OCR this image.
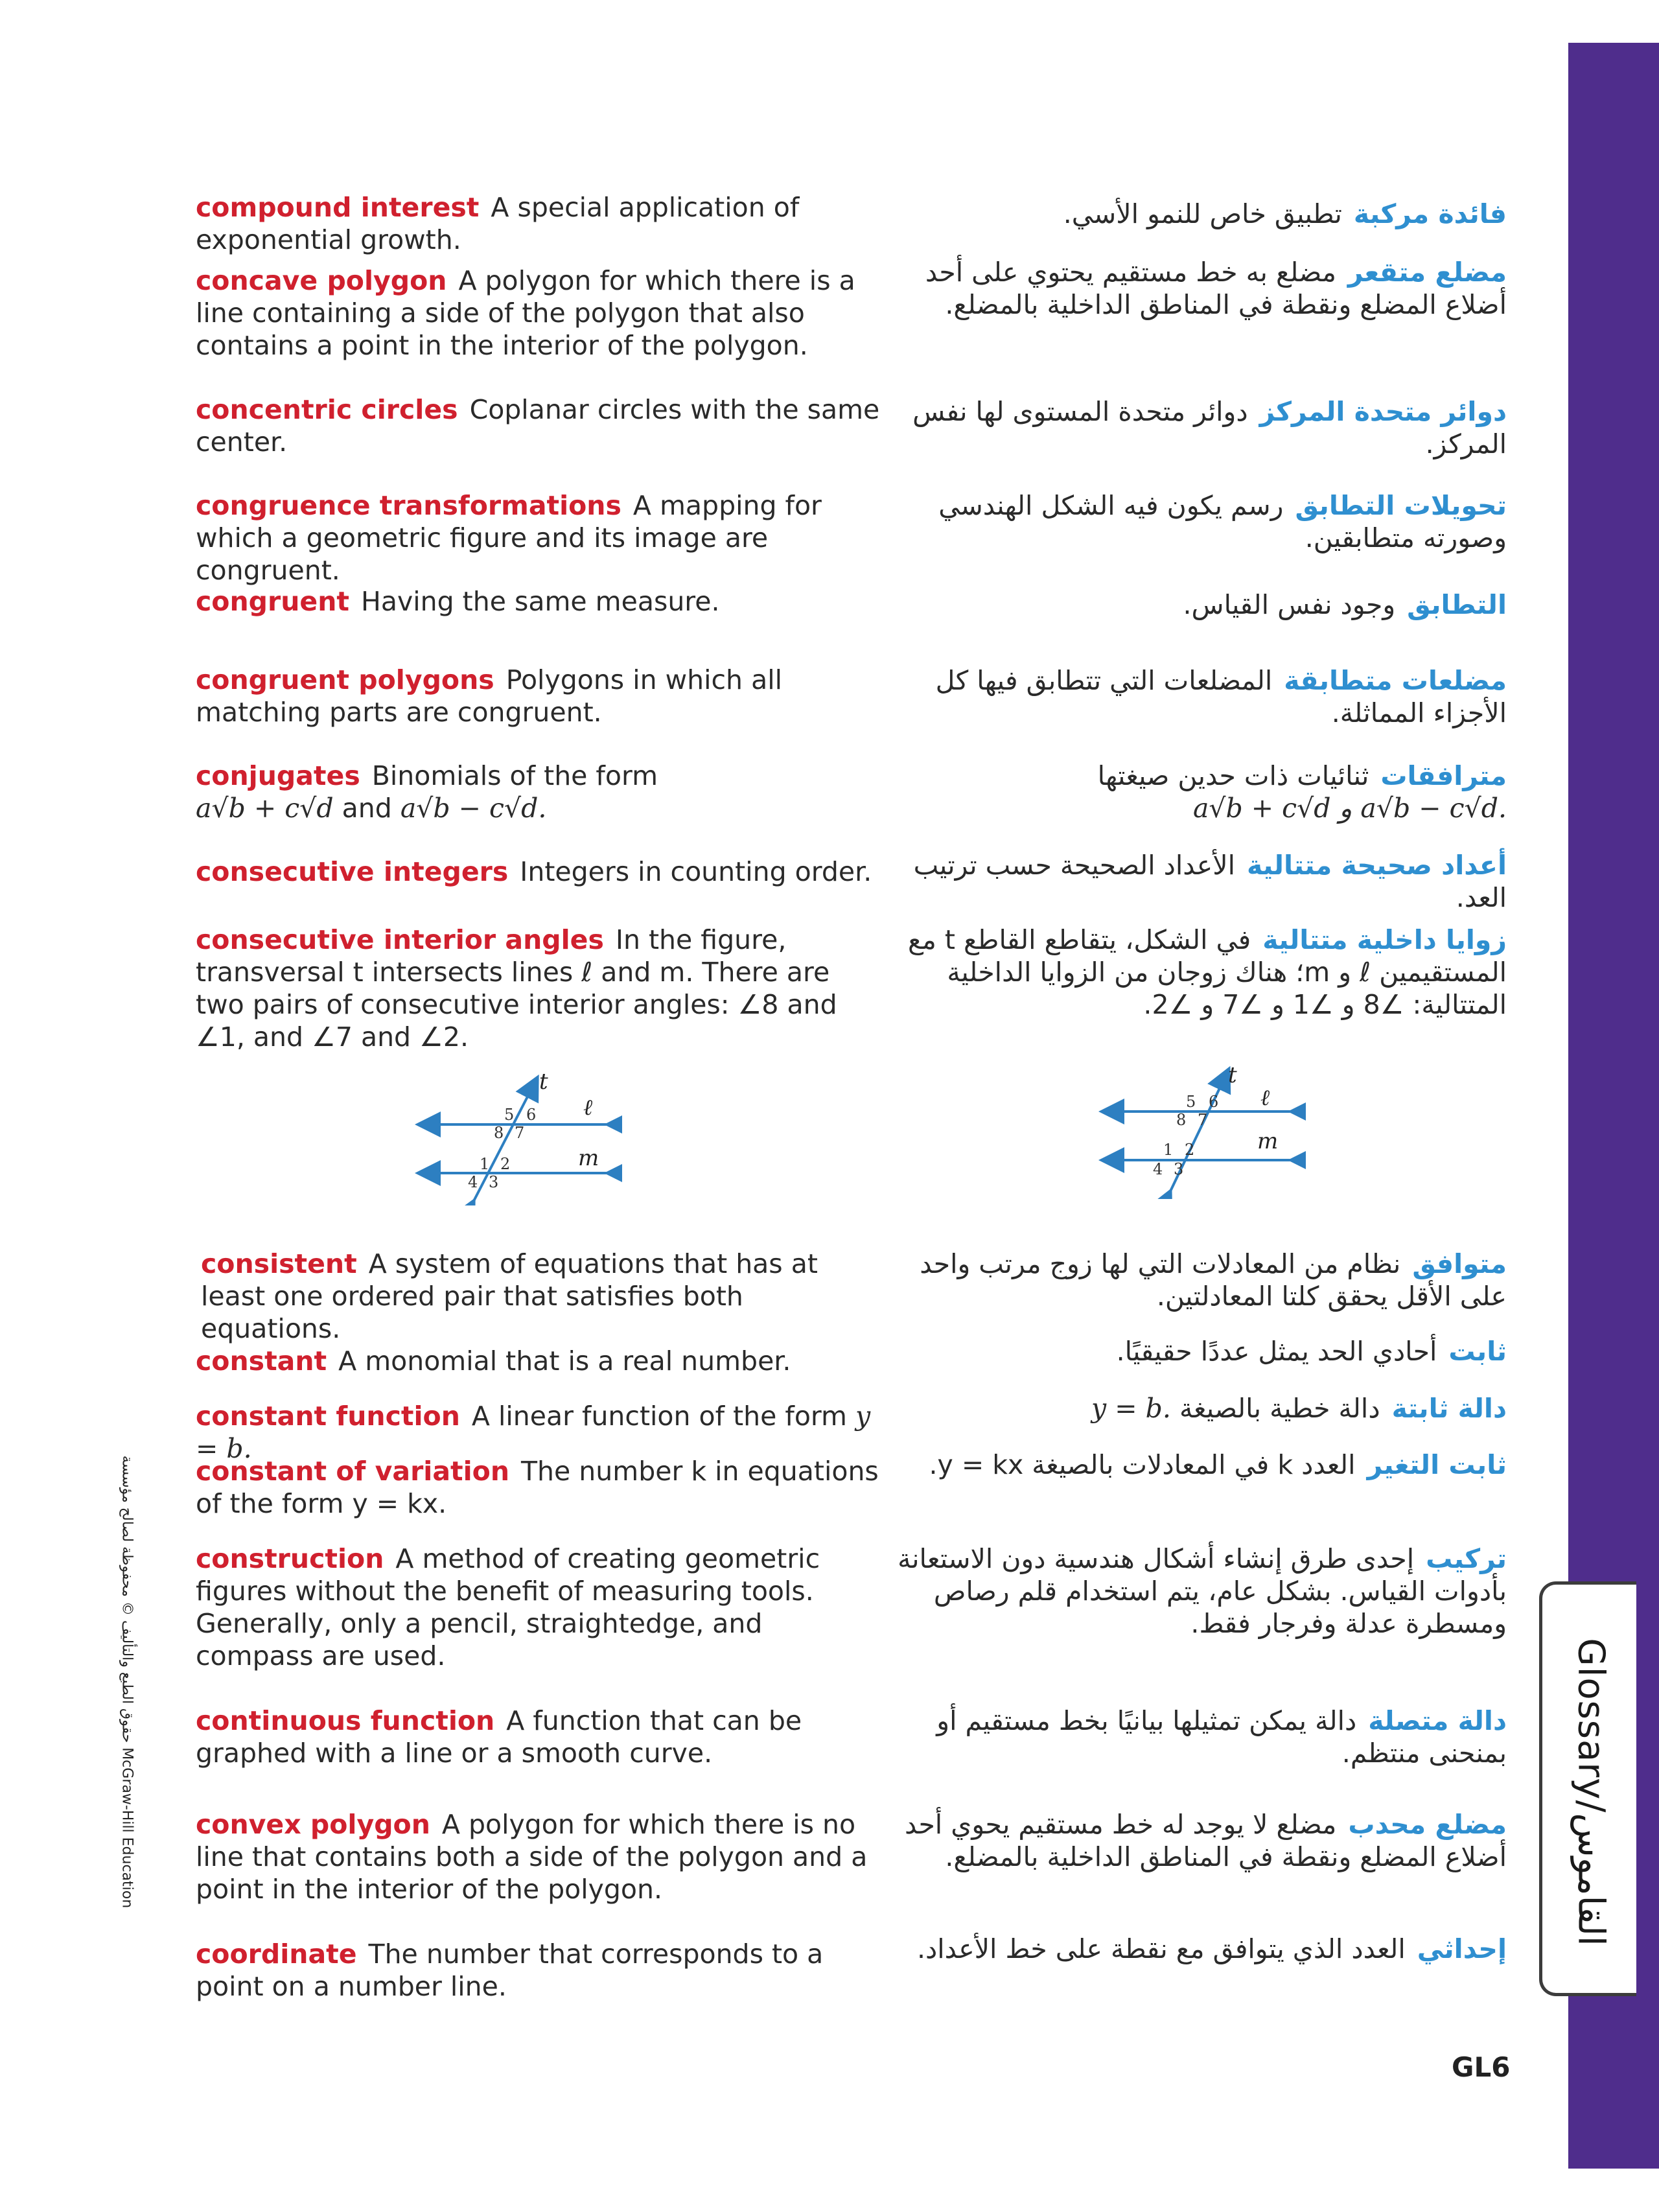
Glossary/القاموس
GL6
حقوق الطبع والتأليف © محفوظة لصالح مؤسسة McGraw-Hill Education
compound interest A special application of exponential growth.
concave polygon A polygon for which there is a line containing a side of the polygon that also contains a point in the interior of the polygon.
concentric circles Coplanar circles with the same center.
congruence transformations A mapping for which a geometric figure and its image are congruent.
congruent Having the same measure.
congruent polygons Polygons in which all matching parts are congruent.
conjugates Binomials of the form
a√b + c√d and a√b − c√d.
consecutive integers Integers in counting order.
consecutive interior angles In the figure, transversal t intersects lines ℓ and m. There are two pairs of consecutive interior angles: ∠8 and ∠1, and ∠7 and ∠2.
t
ℓ
m
5 6
8 7
1 2
4 3
consistent A system of equations that has at least one ordered pair that satisfies both equations.
constant A monomial that is a real number.
constant function A linear function of the form y = b.
constant of variation The number k in equations of the form y = kx.
construction A method of creating geometric figures without the benefit of measuring tools. Generally, only a pencil, straightedge, and compass are used.
continuous function A function that can be graphed with a line or a smooth curve.
convex polygon A polygon for which there is no line that contains both a side of the polygon and a point in the interior of the polygon.
coordinate The number that corresponds to a point on a number line.
فائدة مركبةتطبيق خاص للنمو الأسي.
مضلع متقعرمضلع به خط مستقيم يحتوي على أحد أضلاع المضلع ونقطة في المناطق الداخلية بالمضلع.
دوائر متحدة المركزدوائر متحدة المستوى لها نفس المركز.
تحويلات التطابقرسم يكون فيه الشكل الهندسي وصورته متطابقين.
التطابقوجود نفس القياس.
مضلعات متطابقةالمضلعات التي تتطابق فيها كل الأجزاء المماثلة.
مترافقاتثنائيات ذات حدين صيغتها
a√b + c√d و a√b − c√d.
أعداد صحيحة متتاليةالأعداد الصحيحة حسب ترتيب العد.
زوايا داخلية متتاليةفي الشكل، يتقاطع القاطع t مع المستقيمين ℓ و m؛ هناك زوجان من الزوايا الداخلية المتتالية: ∠8 و ∠1 و ∠7 و ∠2.
t
ℓ
m
5 6
8 7
1 2
4 3
متوافقنظام من المعادلات التي لها زوج مرتب واحد على الأقل يحقق كلتا المعادلتين.
ثابتأحادي الحد يمثل عددًا حقيقيًا.
دالة ثابتةدالة خطية بالصيغة y = b.
ثابت التغيرالعدد k في المعادلات بالصيغة y = kx.
تركيبإحدى طرق إنشاء أشكال هندسية دون الاستعانة بأدوات القياس. بشكل عام، يتم استخدام قلم رصاص ومسطرة عدلة وفرجار فقط.
دالة متصلةدالة يمكن تمثيلها بيانيًا بخط مستقيم أو بمنحنى منتظم.
مضلع محدبمضلع لا يوجد له خط مستقيم يحوي أحد أضلاع المضلع ونقطة في المناطق الداخلية بالمضلع.
إحداثيالعدد الذي يتوافق مع نقطة على خط الأعداد.
